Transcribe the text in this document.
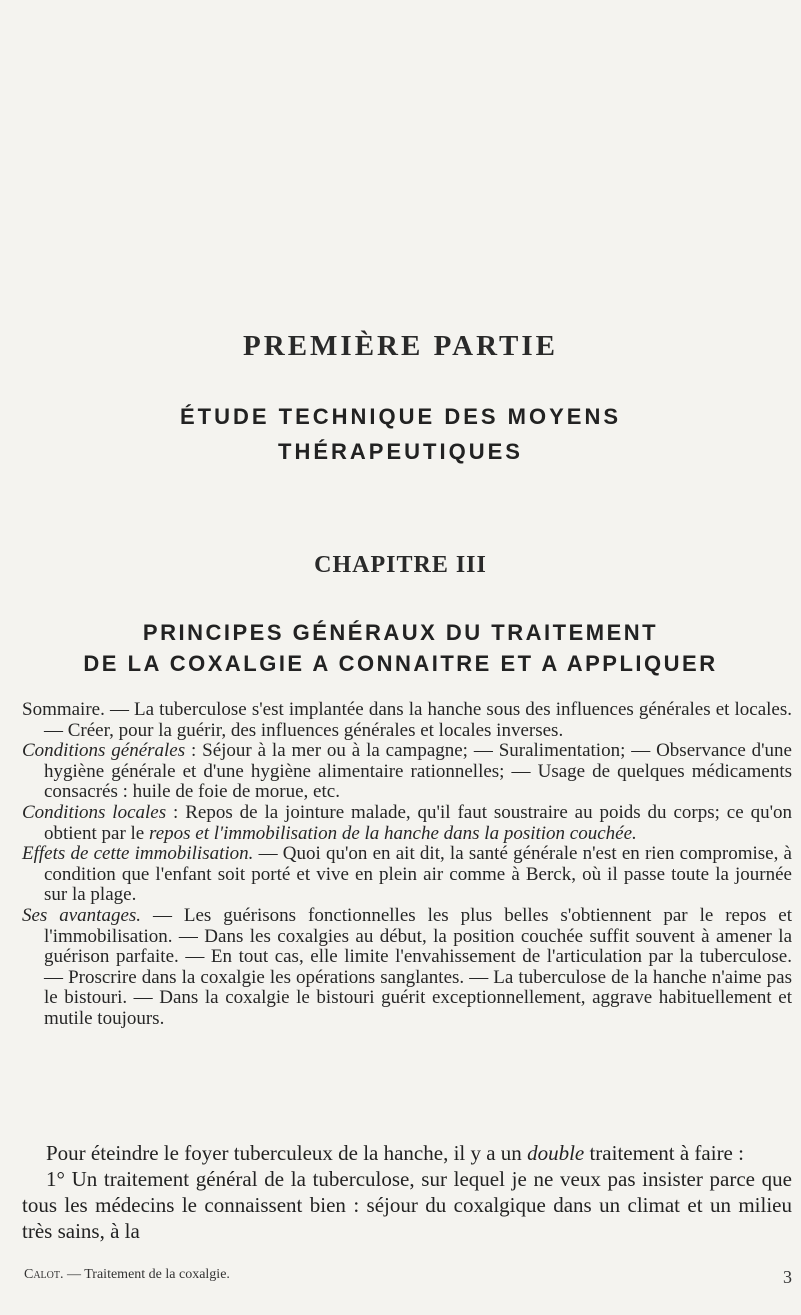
PREMIÈRE PARTIE
ÉTUDE TECHNIQUE DES MOYENS
THÉRAPEUTIQUES
CHAPITRE III
PRINCIPES GÉNÉRAUX DU TRAITEMENT
DE LA COXALGIE A CONNAITRE ET A APPLIQUER

Sommaire. — La tuberculose s'est implantée dans la hanche sous des influences générales et locales. — Créer, pour la guérir, des influences générales et locales inverses.

Conditions générales : Séjour à la mer ou à la campagne; — Suralimentation; — Observance d'une hygiène générale et d'une hygiène alimentaire rationnelles; — Usage de quelques médicaments consacrés : huile de foie de morue, etc.

Conditions locales : Repos de la jointure malade, qu'il faut soustraire au poids du corps; ce qu'on obtient par le repos et l'immobilisation de la hanche dans la position couchée.

Effets de cette immobilisation. — Quoi qu'on en ait dit, la santé générale n'est en rien compromise, à condition que l'enfant soit porté et vive en plein air comme à Berck, où il passe toute la journée sur la plage.

Ses avantages. — Les guérisons fonctionnelles les plus belles s'obtiennent par le repos et l'immobilisation. — Dans les coxalgies au début, la position couchée suffit souvent à amener la guérison parfaite. — En tout cas, elle limite l'envahissement de l'articulation par la tuberculose. — Proscrire dans la coxalgie les opérations sanglantes. — La tuberculose de la hanche n'aime pas le bistouri. — Dans la coxalgie le bistouri guérit exceptionnellement, aggrave habituellement et mutile toujours.

Pour éteindre le foyer tuberculeux de la hanche, il y a un double traitement à faire :

1° Un traitement général de la tuberculose, sur lequel je ne veux pas insister parce que tous les médecins le connaissent bien : séjour du coxalgique dans un climat et un milieu très sains, à la

Calot. — Traitement de la coxalgie.	3
